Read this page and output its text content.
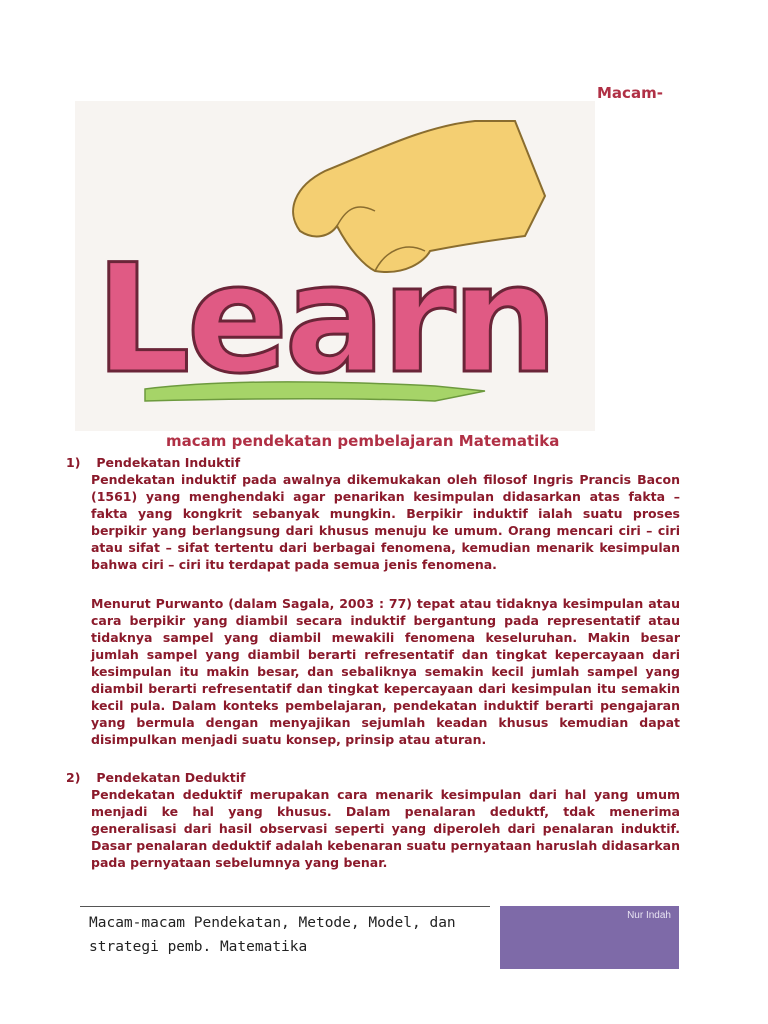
Macam-
Learn
macam pendekatan pembelajaran Matematika
1) Pendekatan Induktif

Pendekatan induktif pada awalnya dikemukakan oleh filosof Ingris Prancis Bacon (1561) yang menghendaki agar penarikan kesimpulan didasarkan atas fakta – fakta yang kongkrit sebanyak mungkin. Berpikir induktif ialah suatu proses berpikir yang berlangsung dari khusus menuju ke umum. Orang mencari ciri – ciri atau sifat – sifat tertentu dari berbagai fenomena, kemudian menarik kesimpulan bahwa ciri – ciri itu terdapat pada semua jenis fenomena.

Menurut Purwanto (dalam Sagala, 2003 : 77) tepat atau tidaknya kesimpulan atau cara berpikir yang diambil secara induktif bergantung pada representatif atau tidaknya sampel yang diambil mewakili fenomena keseluruhan. Makin besar jumlah sampel yang diambil berarti refresentatif dan tingkat kepercayaan dari kesimpulan itu makin besar, dan sebaliknya semakin kecil jumlah sampel yang diambil berarti refresentatif dan tingkat kepercayaan dari kesimpulan itu semakin kecil pula. Dalam konteks pembelajaran, pendekatan induktif berarti pengajaran yang bermula dengan menyajikan sejumlah keadan khusus kemudian dapat disimpulkan menjadi suatu konsep, prinsip atau aturan.

2) Pendekatan Deduktif

Pendekatan deduktif merupakan cara menarik kesimpulan dari hal yang umum menjadi ke hal yang khusus. Dalam penalaran deduktf, tdak menerima generalisasi dari hasil observasi seperti yang diperoleh dari penalaran induktif. Dasar penalaran deduktif adalah kebenaran suatu pernyataan haruslah didasarkan pada pernyataan sebelumnya yang benar.

Macam-macam Pendekatan, Metode, Model, dan
strategi pemb. Matematika
Nur Indah
